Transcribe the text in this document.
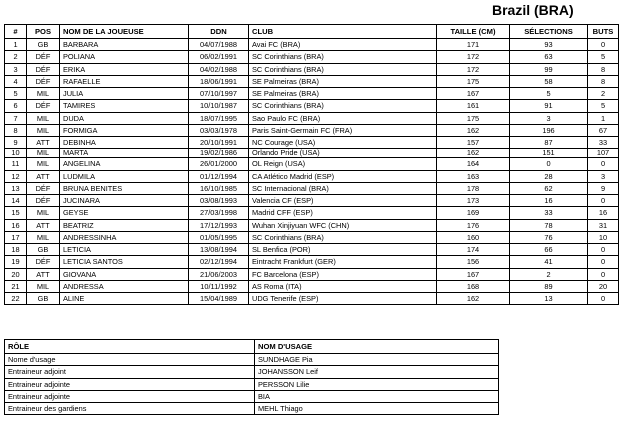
Brazil (BRA)
#	POS	NOM DE LA JOUEUSE	DDN	CLUB	TAILLE (CM)	SÉLECTIONS	BUTS
1	GB	BARBARA	04/07/1988	Avai FC (BRA)	171	93	0
2	DÉF	POLIANA	06/02/1991	SC Corinthians (BRA)	172	63	5
3	DÉF	ERIKA	04/02/1988	SC Corinthians (BRA)	172	99	8
4	DÉF	RAFAELLE	18/06/1991	SE Palmeiras (BRA)	175	58	8
5	MIL	JULIA	07/10/1997	SE Palmeiras (BRA)	167	5	2
6	DÉF	TAMIRES	10/10/1987	SC Corinthians (BRA)	161	91	5
7	MIL	DUDA	18/07/1995	Sao Paulo FC (BRA)	175	3	1
8	MIL	FORMIGA	03/03/1978	Paris Saint-Germain FC (FRA)	162	196	67
9	ATT	DEBINHA	20/10/1991	NC Courage (USA)	157	87	33
10	MIL	MARTA	19/02/1986	Orlando Pride (USA)	162	151	107
11	MIL	ANGELINA	26/01/2000	OL Reign (USA)	164	0	0
12	ATT	LUDMILA	01/12/1994	CA Atlético Madrid (ESP)	163	28	3
13	DÉF	BRUNA BENITES	16/10/1985	SC Internacional (BRA)	178	62	9
14	DÉF	JUCINARA	03/08/1993	Valencia CF (ESP)	173	16	0
15	MIL	GEYSE	27/03/1998	Madrid CFF (ESP)	169	33	16
16	ATT	BEATRIZ	17/12/1993	Wuhan Xinjiyuan WFC (CHN)	176	78	31
17	MIL	ANDRESSINHA	01/05/1995	SC Corinthians (BRA)	160	76	10
18	GB	LETICIA	13/08/1994	SL Benfica (POR)	174	66	0
19	DÉF	LETICIA SANTOS	02/12/1994	Eintracht Frankfurt (GER)	156	41	0
20	ATT	GIOVANA	21/06/2003	FC Barcelona (ESP)	167	2	0
21	MIL	ANDRESSA	10/11/1992	AS Roma (ITA)	168	89	20
22	GB	ALINE	15/04/1989	UDG Tenerife (ESP)	162	13	0
RÔLE	NOM D'USAGE
Nome d'usage	SUNDHAGE Pia
Entraineur adjoint	JOHANSSON Leif
Entraineur adjointe	PERSSON Lilie
Entraineur adjointe	BIA
Entraineur des gardiens	MEHL Thiago
